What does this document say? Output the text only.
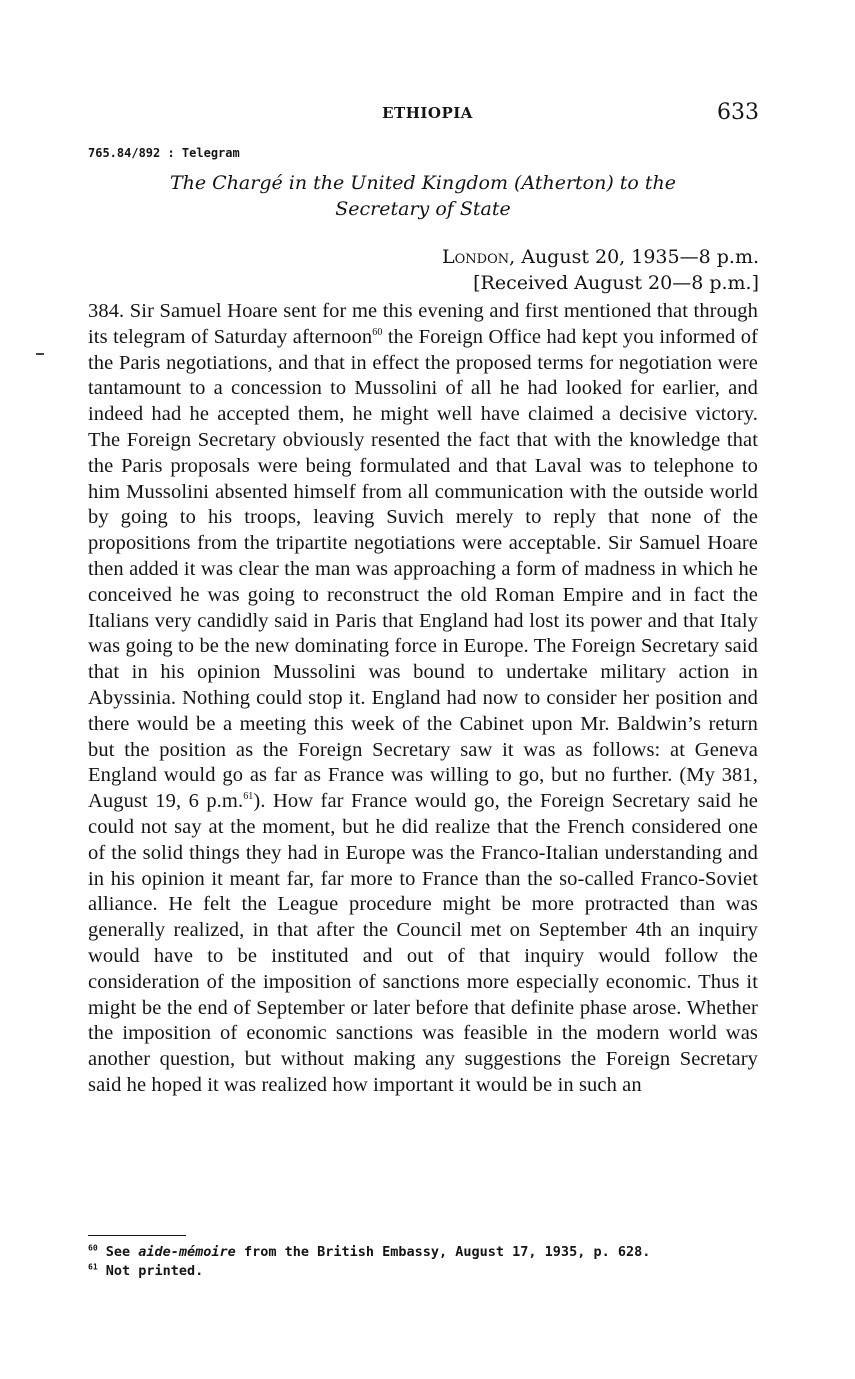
ETHIOPIA	633
765.84/892 : Telegram
The Chargé in the United Kingdom (Atherton) to the
Secretary of State
London, August 20, 1935—8 p.m.
[Received August 20—8 p.m.]

384. Sir Samuel Hoare sent for me this evening and first mentioned that through its telegram of Saturday afternoon$^{60}$ the Foreign Office had kept you informed of the Paris negotiations, and that in effect the proposed terms for negotiation were tantamount to a concession to Mussolini of all he had looked for earlier, and indeed had he accepted them, he might well have claimed a decisive victory. The Foreign Secretary obviously resented the fact that with the knowledge that the Paris proposals were being formulated and that Laval was to telephone to him Mussolini absented himself from all communication with the outside world by going to his troops, leaving Suvich merely to reply that none of the propositions from the tripartite negotiations were acceptable. Sir Samuel Hoare then added it was clear the man was approaching a form of madness in which he conceived he was going to reconstruct the old Roman Empire and in fact the Italians very candidly said in Paris that England had lost its power and that Italy was going to be the new dominating force in Europe. The Foreign Secretary said that in his opinion Mussolini was bound to undertake military action in Abyssinia. Nothing could stop it. England had now to consider her position and there would be a meeting this week of the Cabinet upon Mr. Baldwin’s return but the position as the Foreign Secretary saw it was as follows: at Geneva England would go as far as France was willing to go, but no further. (My 381, August 19, 6 p.m.$^{61}$). How far France would go, the Foreign Secretary said he could not say at the moment, but he did realize that the French considered one of the solid things they had in Europe was the Franco-Italian understanding and in his opinion it meant far, far more to France than the so-called Franco-Soviet alliance. He felt the League procedure might be more protracted than was generally realized, in that after the Council met on September 4th an inquiry would have to be instituted and out of that inquiry would follow the consideration of the imposition of sanctions more especially economic. Thus it might be the end of September or later before that definite phase arose. Whether the imposition of economic sanctions was feasible in the modern world was another question, but without making any suggestions the Foreign Secretary said he hoped it was realized how important it would be in such an

$^{60}$ See aide-mémoire from the British Embassy, August 17, 1935, p. 628.
$^{61}$ Not printed.
